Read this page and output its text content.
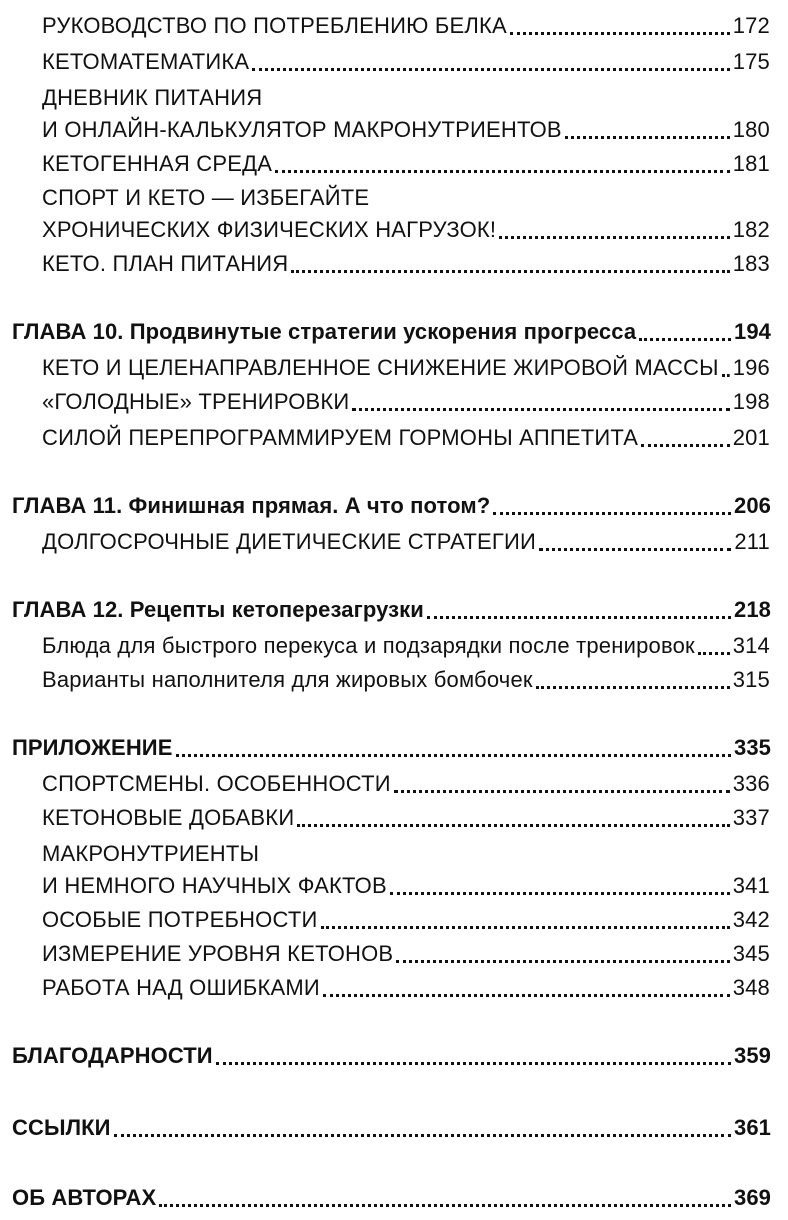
РУКОВОДСТВО ПО ПОТРЕБЛЕНИЮ БЕЛКА	172
КЕТОМАТЕМАТИКА	175
ДНЕВНИК ПИТАНИЯ
И ОНЛАЙН-КАЛЬКУЛЯТОР МАКРОНУТРИЕНТОВ	180
КЕТОГЕННАЯ СРЕДА	181
СПОРТ И КЕТО — ИЗБЕГАЙТЕ
ХРОНИЧЕСКИХ ФИЗИЧЕСКИХ НАГРУЗОК!	182
КЕТО. ПЛАН ПИТАНИЯ	183
ГЛАВА 10. Продвинутые стратегии ускорения прогресса	194
КЕТО И ЦЕЛЕНАПРАВЛЕННОЕ СНИЖЕНИЕ ЖИРОВОЙ МАССЫ 196
«ГОЛОДНЫЕ» ТРЕНИРОВКИ	198
СИЛОЙ ПЕРЕПРОГРАММИРУЕМ ГОРМОНЫ АППЕТИТА	201
ГЛАВА 11. Финишная прямая. А что потом?	206
ДОЛГОСРОЧНЫЕ ДИЕТИЧЕСКИЕ СТРАТЕГИИ	211
ГЛАВА 12. Рецепты кетоперезагрузки	218
Блюда для быстрого перекуса и подзарядки после тренировок 314
Варианты наполнителя для жировых бомбочек	315
ПРИЛОЖЕНИЕ	335
СПОРТСМЕНЫ. ОСОБЕННОСТИ	336
КЕТОНОВЫЕ ДОБАВКИ	337
МАКРОНУТРИЕНТЫ
И НЕМНОГО НАУЧНЫХ ФАКТОВ	341
ОСОБЫЕ ПОТРЕБНОСТИ	342
ИЗМЕРЕНИЕ УРОВНЯ КЕТОНОВ	345
РАБОТА НАД ОШИБКАМИ	348
БЛАГОДАРНОСТИ	359
ССЫЛКИ	361
ОБ АВТОРАХ	369
